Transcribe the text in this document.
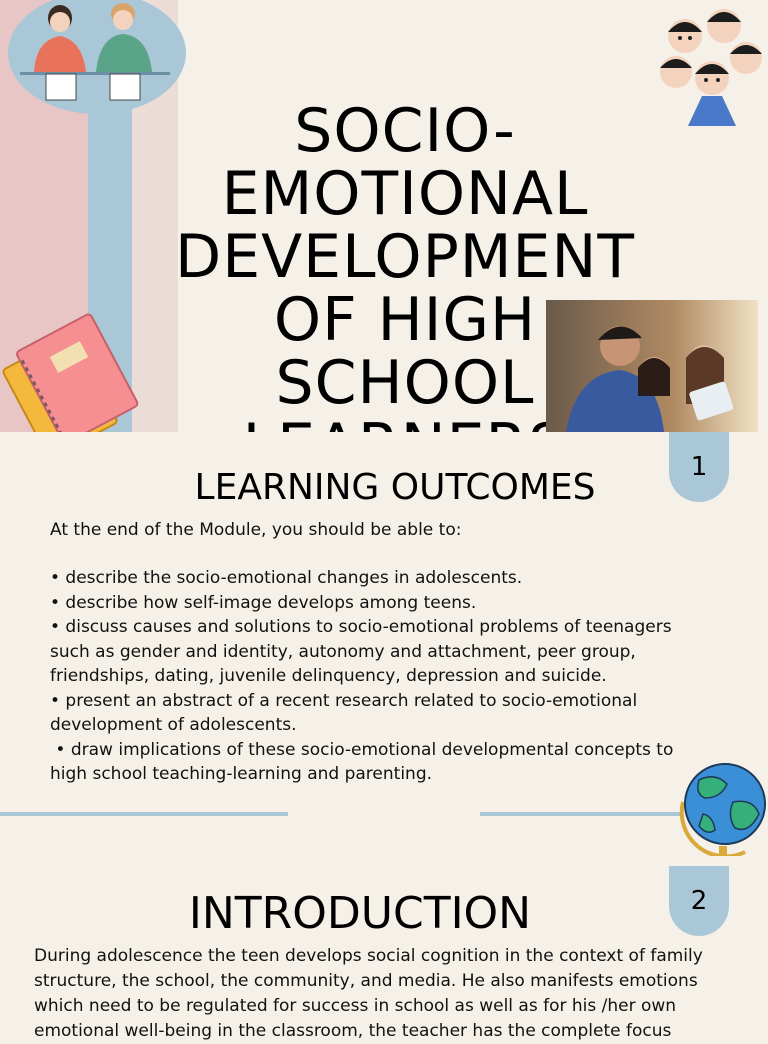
SOCIO-EMOTIONAL DEVELOPMENT OF HIGH SCHOOL
1
LEARNING OUTCOMES

At the end of the Module, you should be able to:

• describe the socio-emotional changes in adolescents.
• describe how self-image develops among teens.
• discuss causes and solutions to socio-emotional problems of teenagers such as gender and identity, autonomy and attachment, peer group, friendships, dating, juvenile delinquency, depression and suicide.
• present an abstract of a recent research related to socio-emotional development of adolescents.
• draw implications of these socio-emotional developmental concepts to high school teaching-learning and parenting.
2
INTRODUCTION

During adolescence the teen develops social cognition in the context of family structure, the school, the community, and media. He also manifests emotions which need to be regulated for success in school as well as for his /her own emotional well-being in the classroom, the teacher has the complete focus
